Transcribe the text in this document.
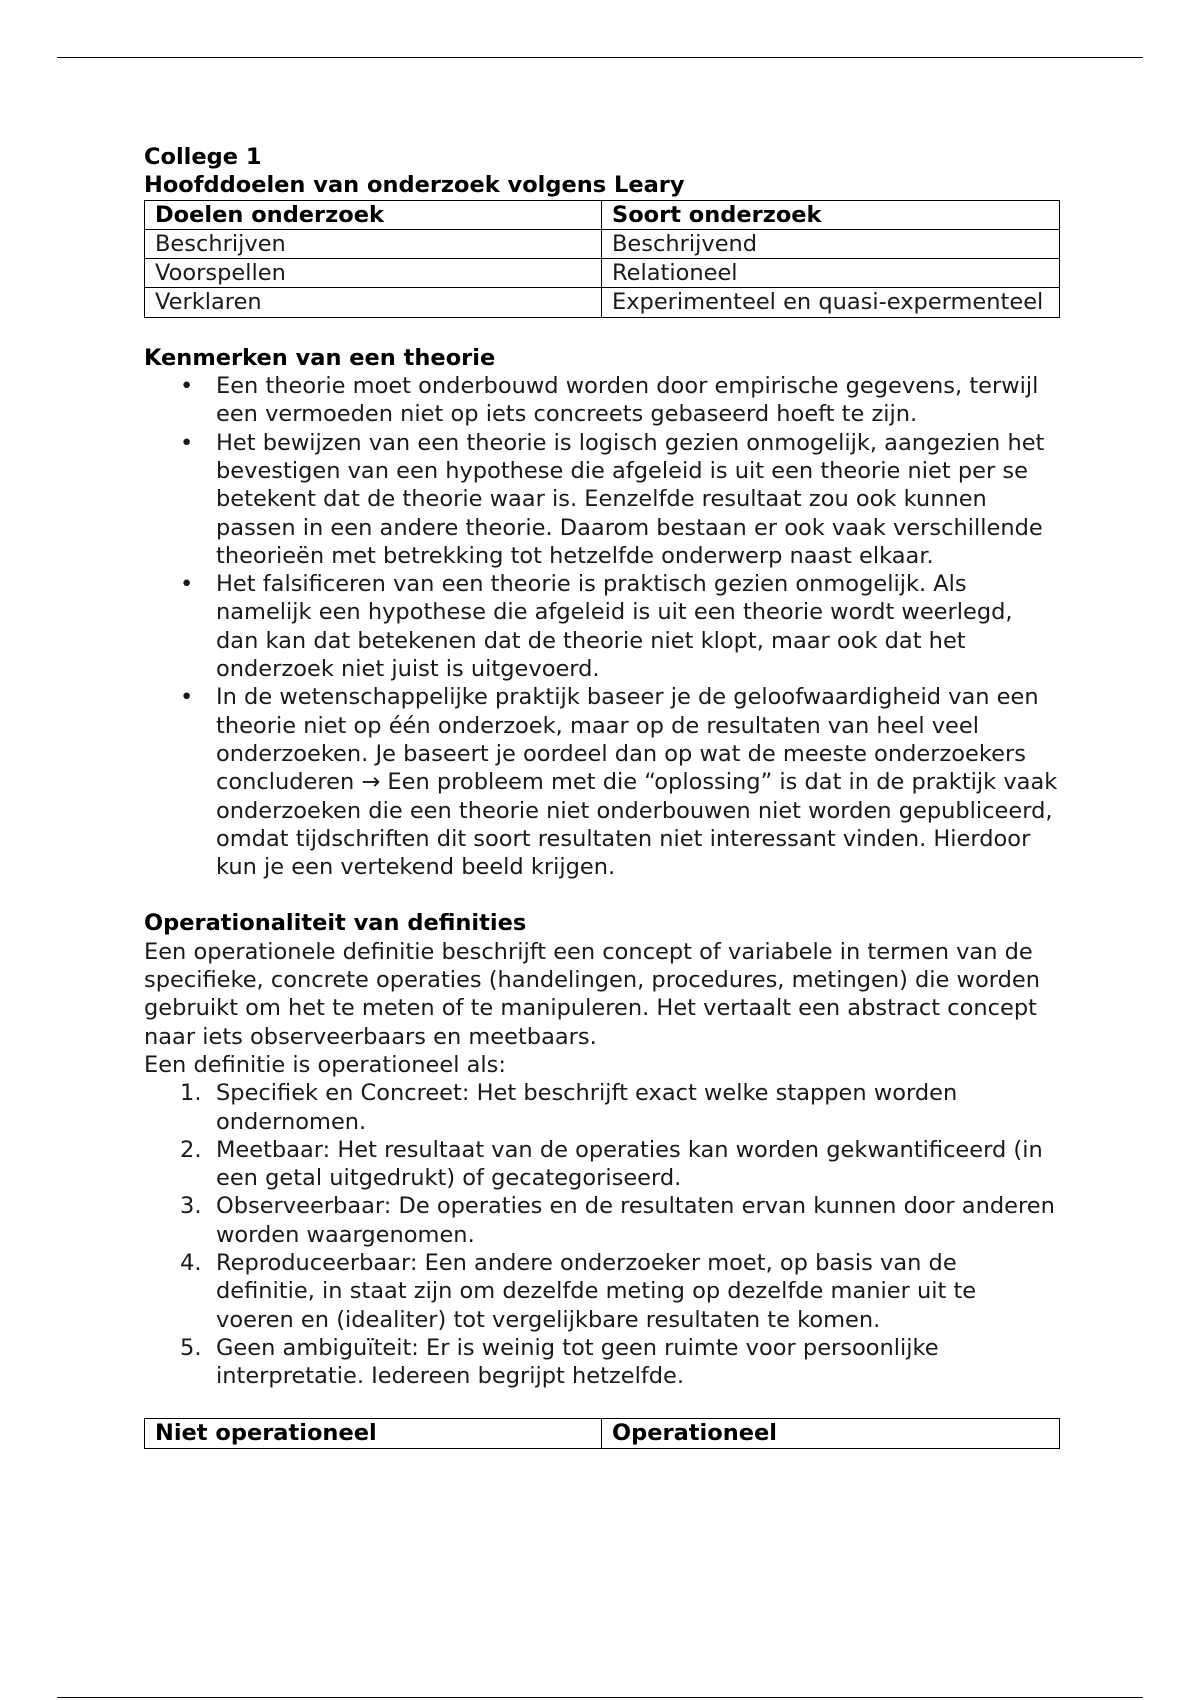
College 1
Hoofddoelen van onderzoek volgens Leary
Doelen onderzoek	Soort onderzoek
Beschrijven	Beschrijvend
Voorspellen	Relationeel
Verklaren	Experimenteel en quasi-expermenteel
Kenmerken van een theorie
• Een theorie moet onderbouwd worden door empirische gegevens, terwijl een vermoeden niet op iets concreets gebaseerd hoeft te zijn.
• Het bewijzen van een theorie is logisch gezien onmogelijk, aangezien het bevestigen van een hypothese die afgeleid is uit een theorie niet per se betekent dat de theorie waar is. Eenzelfde resultaat zou ook kunnen passen in een andere theorie. Daarom bestaan er ook vaak verschillende theorieën met betrekking tot hetzelfde onderwerp naast elkaar.
• Het falsificeren van een theorie is praktisch gezien onmogelijk. Als namelijk een hypothese die afgeleid is uit een theorie wordt weerlegd, dan kan dat betekenen dat de theorie niet klopt, maar ook dat het onderzoek niet juist is uitgevoerd.
• In de wetenschappelijke praktijk baseer je de geloofwaardigheid van een theorie niet op één onderzoek, maar op de resultaten van heel veel onderzoeken. Je baseert je oordeel dan op wat de meeste onderzoekers concluderen → Een probleem met die “oplossing” is dat in de praktijk vaak onderzoeken die een theorie niet onderbouwen niet worden gepubliceerd, omdat tijdschriften dit soort resultaten niet interessant vinden. Hierdoor kun je een vertekend beeld krijgen.
Operationaliteit van definities

Een operationele definitie beschrijft een concept of variabele in termen van de specifieke, concrete operaties (handelingen, procedures, metingen) die worden gebruikt om het te meten of te manipuleren. Het vertaalt een abstract concept naar iets observeerbaars en meetbaars.

Een definitie is operationeel als:

1. Specifiek en Concreet: Het beschrijft exact welke stappen worden ondernomen.
2. Meetbaar: Het resultaat van de operaties kan worden gekwantificeerd (in een getal uitgedrukt) of gecategoriseerd.
3. Observeerbaar: De operaties en de resultaten ervan kunnen door anderen worden waargenomen.
4. Reproduceerbaar: Een andere onderzoeker moet, op basis van de definitie, in staat zijn om dezelfde meting op dezelfde manier uit te voeren en (idealiter) tot vergelijkbare resultaten te komen.
5. Geen ambiguïteit: Er is weinig tot geen ruimte voor persoonlijke interpretatie. Iedereen begrijpt hetzelfde.
Niet operationeel	Operationeel
